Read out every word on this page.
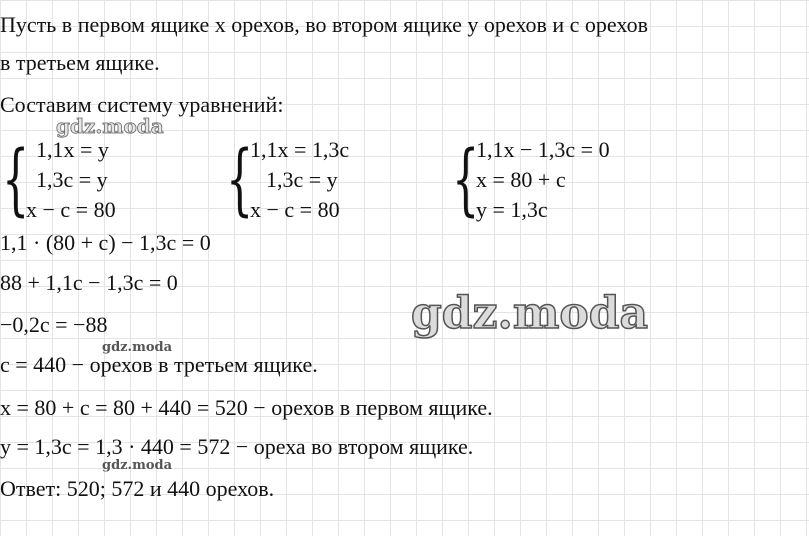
Пусть в первом ящике x орехов, во втором ящике y орехов и c орехов
в третьем ящике.
Составим систему уравнений:
gdz.moda
{ 1,1x = y
1,3c = y
x − c = 80 {
1,1x = 1,3c
1,3c = y
x − c = 80 {
1,1x − 1,3c = 0
x = 80 + c
y = 1,3c
1,1 · (80 + c) − 1,3c = 0
88 + 1,1c − 1,3c = 0
−0,2c = −88
gdz.moda
c = 440 − орехов в третьем ящике.
x = 80 + c = 80 + 440 = 520 − орехов в первом ящике.
y = 1,3c = 1,3 · 440 = 572 − ореха во втором ящике.
gdz.moda
Ответ: 520; 572 и 440 орехов.
gdz.moda
